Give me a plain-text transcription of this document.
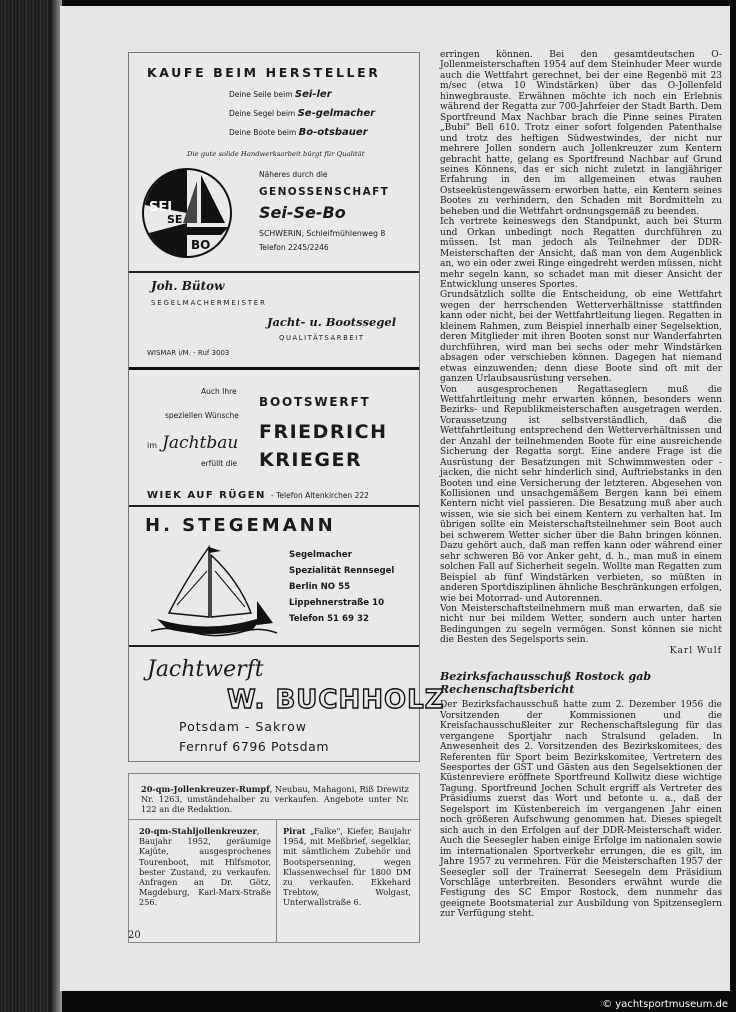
KAUFE BEIM HERSTELLER
Deine Seile beim Sei-ler
Deine Segel beim Se-gelmacher
Deine Boote beim Bo-otsbauer
Die gute solide Handwerksarbeit bürgt für Qualität
SEI
SE
BO
Näheres durch die
GENOSSENSCHAFT
Sei-Se-Bo
SCHWERIN, Schleifmühlenweg 8
Telefon 2245/2246
Joh. Bütow
SEGELMACHERMEISTER
Jacht- u. Bootssegel
QUALITÄTSARBEIT
WISMAR i/M. - Ruf 3003
Auch Ihre
BOOTSWERFT
speziellen Wünsche
im Jachtbau FRIEDRICH
erfüllt die KRIEGER
WIEK AUF RÜGEN - Telefon Altenkirchen 222
H. STEGEMANN
Segelmacher
Spezialität Rennsegel
Berlin NO 55
Lippehnerstraße 10
Telefon 51 69 32
Jachtwerft
W. BUCHHOLZ
Potsdam - Sakrow
Fernruf 6796 Potsdam
20-qm-Jollenkreuzer-Rumpf, Neubau, Mahagoni, Riß Drewitz Nr. 1263, umständehalber zu verkaufen. Angebote unter Nr. 122 an die Redaktion.
20-qm-Stahljollenkreuzer, Baujahr 1952, geräumige Kajüte, ausgesprochenes Tourenboot, mit Hilfsmotor, bester Zustand, zu verkaufen. Anfragen an Dr. Götz, Magdeburg, Karl-Marx-Straße 256.
Pirat „Falke", Kiefer, Baujahr 1954, mit Meßbrief, segelklar, mit sämtlichem Zubehör und Bootspersenning, wegen Klassenwechsel für 1800 DM zu verkaufen. Ekkehard Trebtow, Wolgast, Unterwallstraße 6.
20

erringen können. Bei den gesamtdeutschen O-Jollenmeisterschaften 1954 auf dem Steinhuder Meer wurde auch die Wettfahrt gerechnet, bei der eine Regenbö mit 23 m/sec (etwa 10 Windstärken) über das O-Jollenfeld hinwegbrauste. Erwähnen möchte ich noch ein Erlebnis während der Regatta zur 700-Jahrfeier der Stadt Barth. Dem Sportfreund Max Nachbar brach die Pinne seines Piraten „Bubi" Bell 610. Trotz einer sofort folgenden Patenthalse und trotz des heftigen Südwestwindes, der nicht nur mehrere Jollen sondern auch Jollenkreuzer zum Kentern gebracht hatte, gelang es Sportfreund Nachbar auf Grund seines Könnens, das er sich nicht zuletzt in langjähriger Erfahrung in den im allgemeinen etwas rauhen Ostseeküstengewässern erworben hatte, ein Kentern seines Bootes zu verhindern, den Schaden mit Bordmitteln zu beheben und die Wettfahrt ordnungsgemäß zu beenden.

Ich vertrete keineswegs den Standpunkt, auch bei Sturm und Orkan unbedingt noch Regatten durchführen zu müssen. Ist man jedoch als Teilnehmer der DDR-Meisterschaften der Ansicht, daß man von dem Augenblick an, wo ein oder zwei Ringe eingedreht werden müssen, nicht mehr segeln kann, so schadet man mit dieser Ansicht der Entwicklung unseres Sportes.

Grundsätzlich sollte die Entscheidung, ob eine Wettfahrt wegen der herrschenden Wetterverhältnisse stattfinden kann oder nicht, bei der Wettfahrtleitung liegen. Regatten in kleinem Rahmen, zum Beispiel innerhalb einer Segelsektion, deren Mitglieder mit ihren Booten sonst nur Wanderfahrten durchführen, wird man bei sechs oder mehr Windstärken absagen oder verschieben können. Dagegen hat niemand etwas einzuwenden; denn diese Boote sind oft mit der ganzen Urlaubsausrüstung versehen.

Von ausgesprochenen Regattaseglern muß die Wettfahrtleitung mehr erwarten können, besonders wenn Bezirks- und Republikmeisterschaften ausgetragen werden. Voraussetzung ist selbstverständlich, daß die Wettfahrtleitung entsprechend den Wetterverhältnissen und der Anzahl der teilnehmenden Boote für eine ausreichende Sicherung der Regatta sorgt. Eine andere Frage ist die Ausrüstung der Besatzungen mit Schwimmwesten oder -jacken, die nicht sehr hinderlich sind, Auftriebstanks in den Booten und eine Versicherung der letzteren. Abgesehen von Kollisionen und unsachgemäßem Bergen kann bei einem Kentern nicht viel passieren. Die Besatzung muß aber auch wissen, wie sie sich bei einem Kentern zu verhalten hat. Im übrigen sollte ein Meisterschaftsteilnehmer sein Boot auch bei schwerem Wetter sicher über die Bahn bringen können. Dazu gehört auch, daß man reffen kann oder während einer sehr schweren Bö vor Anker geht, d. h., man muß in einem solchen Fall auf Sicherheit segeln. Wollte man Regatten zum Beispiel ab fünf Windstärken verbieten, so müßten in anderen Sportdisziplinen ähnliche Beschränkungen erfolgen, wie bei Motorrad- und Autorennen.

Von Meisterschaftsteilnehmern muß man erwarten, daß sie nicht nur bei mildem Wetter, sondern auch unter harten Bedingungen zu segeln vermögen. Sonst können sie nicht die Besten des Segelsports sein.

Karl Wulf

Bezirksfachausschuß Rostock gab Rechenschaftsbericht

Der Bezirksfachausschuß hatte zum 2. Dezember 1956 die Vorsitzenden der Kommissionen und die Kreisfachausschußleiter zur Rechenschaftslegung für das vergangene Sportjahr nach Stralsund geladen. In Anwesenheit des 2. Vorsitzenden des Bezirkskomitees, des Referenten für Sport beim Bezirkskomitee, Vertretern des Seesportes der GST und Gästen aus den Segelsektionen der Küstenreviere eröffnete Sportfreund Kollwitz diese wichtige Tagung. Sportfreund Jochen Schult ergriff als Vertreter des Präsidiums zuerst das Wort und betonte u. a., daß der Segelsport im Küstenbereich im vergangenen Jahr einen noch größeren Aufschwung genommen hat. Dieses spiegelt sich auch in den Erfolgen auf der DDR-Meisterschaft wider. Auch die Seesegler haben einige Erfolge im nationalen sowie im internationalen Sportverkehr errungen, die es gilt, im Jahre 1957 zu vermehren. Für die Meisterschaften 1957 der Seesegler soll der Trainerrat Seesegeln dem Präsidium Vorschläge unterbreiten. Besonders erwähnt wurde die Festigung des SC Empor Rostock, dem nunmehr das geeignete Bootsmaterial zur Ausbildung von Spitzenseglern zur Verfügung steht.

© yachtsportmuseum.de
